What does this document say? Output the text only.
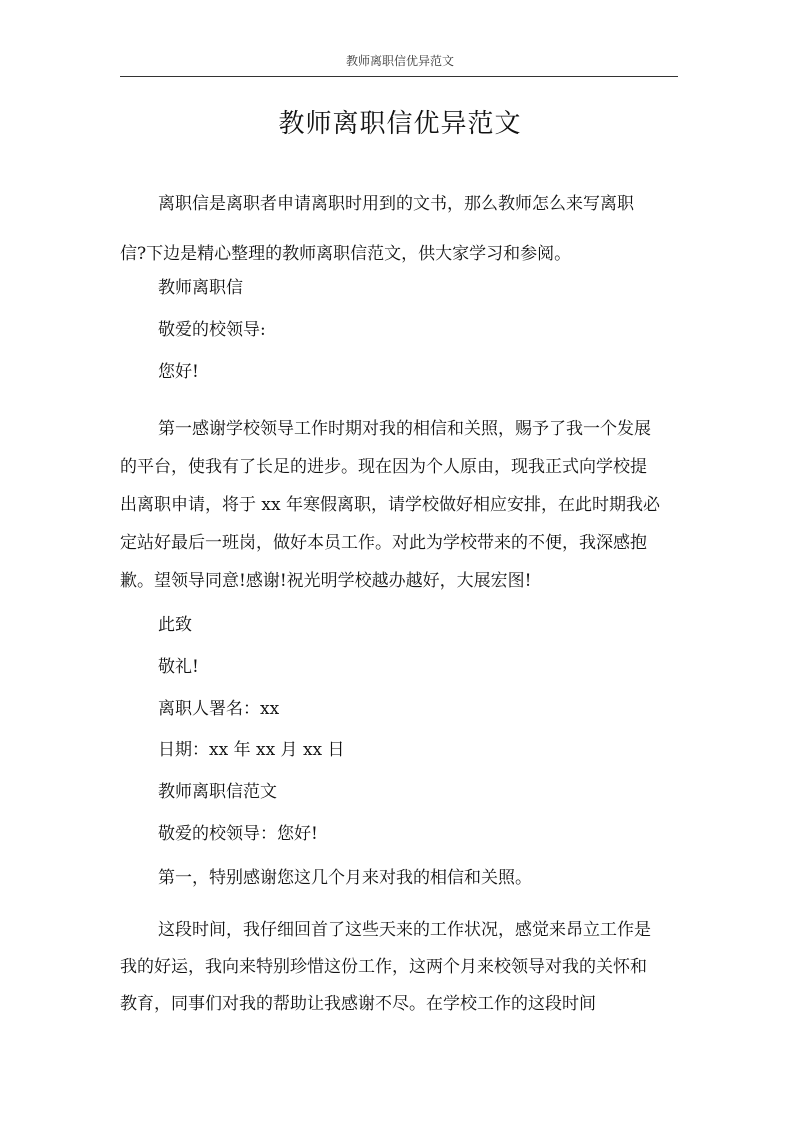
教师离职信优异范文
教师离职信优异范文
离职信是离职者申请离职时用到的文书，那么教师怎么来写离职
信?下边是精心整理的教师离职信范文，供大家学习和参阅。
教师离职信
敬爱的校领导:
您好!
第一感谢学校领导工作时期对我的相信和关照，赐予了我一个发展
的平台，使我有了长足的进步。现在因为个人原由，现我正式向学校提
出离职申请，将于 xx 年寒假离职，请学校做好相应安排，在此时期我必
定站好最后一班岗，做好本员工作。对此为学校带来的不便，我深感抱
歉。望领导同意!感谢!祝光明学校越办越好，大展宏图!
此致
敬礼!
离职人署名：xx
日期：xx 年 xx 月 xx 日
教师离职信范文
敬爱的校领导：您好!
第一，特别感谢您这几个月来对我的相信和关照。
这段时间，我仔细回首了这些天来的工作状况，感觉来昂立工作是
我的好运，我向来特别珍惜这份工作，这两个月来校领导对我的关怀和
教育，同事们对我的帮助让我感谢不尽。在学校工作的这段时间
